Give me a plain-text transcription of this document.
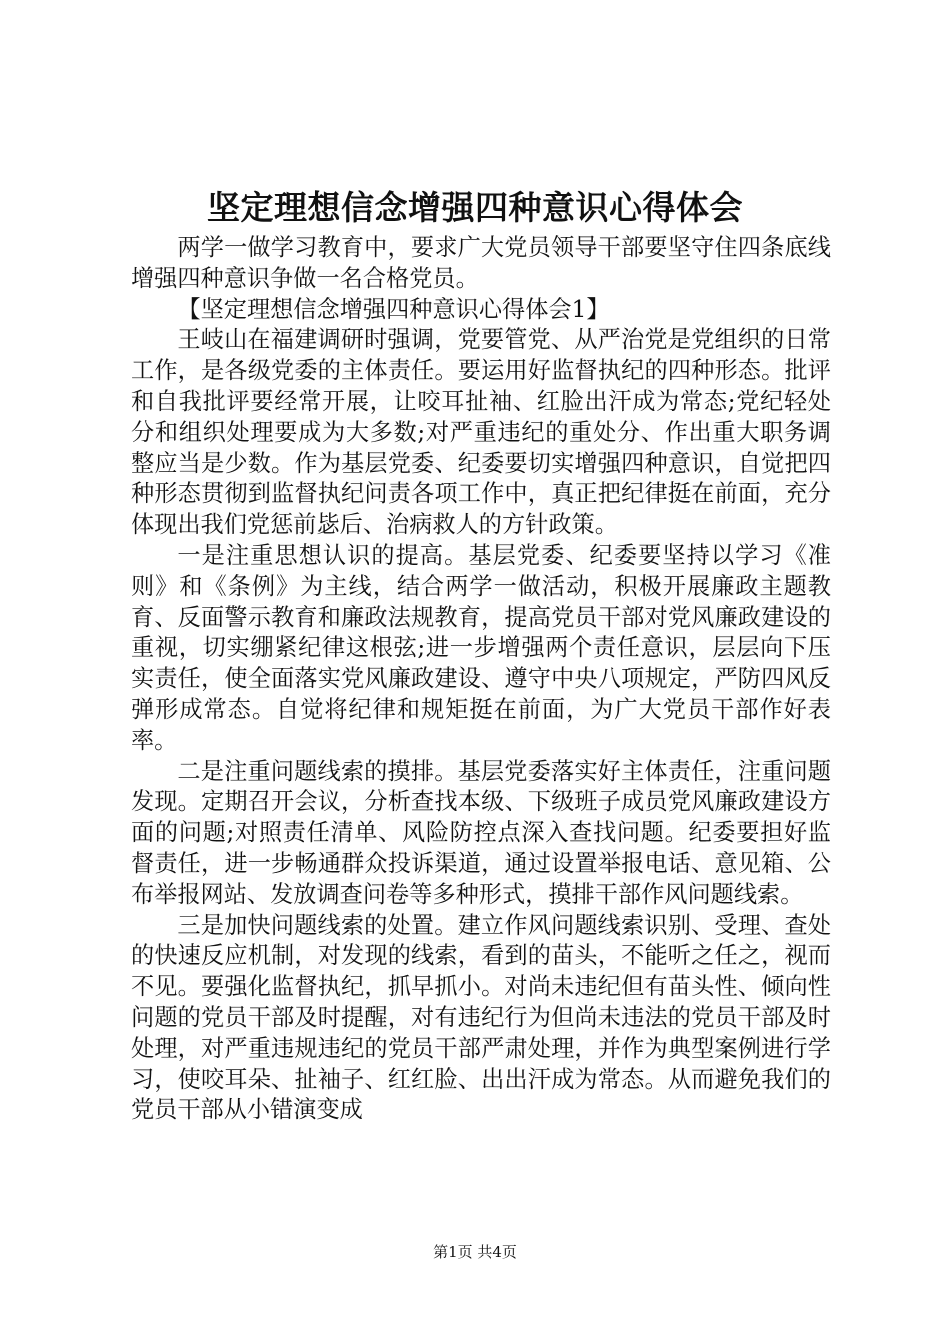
坚定理想信念增强四种意识心得体会

两学一做学习教育中，要求广大党员领导干部要坚守住四条底线增强四种意识争做一名合格党员。

【坚定理想信念增强四种意识心得体会1】

王岐山在福建调研时强调，党要管党、从严治党是党组织的日常工作，是各级党委的主体责任。要运用好监督执纪的四种形态。批评和自我批评要经常开展，让咬耳扯袖、红脸出汗成为常态;党纪轻处分和组织处理要成为大多数;对严重违纪的重处分、作出重大职务调整应当是少数。作为基层党委、纪委要切实增强四种意识，自觉把四种形态贯彻到监督执纪问责各项工作中，真正把纪律挺在前面，充分体现出我们党惩前毖后、治病救人的方针政策。

一是注重思想认识的提高。基层党委、纪委要坚持以学习《准则》和《条例》为主线，结合两学一做活动，积极开展廉政主题教育、反面警示教育和廉政法规教育，提高党员干部对党风廉政建设的重视，切实绷紧纪律这根弦;进一步增强两个责任意识，层层向下压实责任，使全面落实党风廉政建设、遵守中央八项规定，严防四风反弹形成常态。自觉将纪律和规矩挺在前面，为广大党员干部作好表率。

二是注重问题线索的摸排。基层党委落实好主体责任，注重问题发现。定期召开会议，分析查找本级、下级班子成员党风廉政建设方面的问题;对照责任清单、风险防控点深入查找问题。纪委要担好监督责任，进一步畅通群众投诉渠道，通过设置举报电话、意见箱、公布举报网站、发放调查问卷等多种形式，摸排干部作风问题线索。

三是加快问题线索的处置。建立作风问题线索识别、受理、查处的快速反应机制，对发现的线索，看到的苗头，不能听之任之，视而不见。要强化监督执纪，抓早抓小。对尚未违纪但有苗头性、倾向性问题的党员干部及时提醒，对有违纪行为但尚未违法的党员干部及时处理，对严重违规违纪的党员干部严肃处理，并作为典型案例进行学习，使咬耳朵、扯袖子、红红脸、出出汗成为常态。从而避免我们的党员干部从小错演变成

第1页 共4页
